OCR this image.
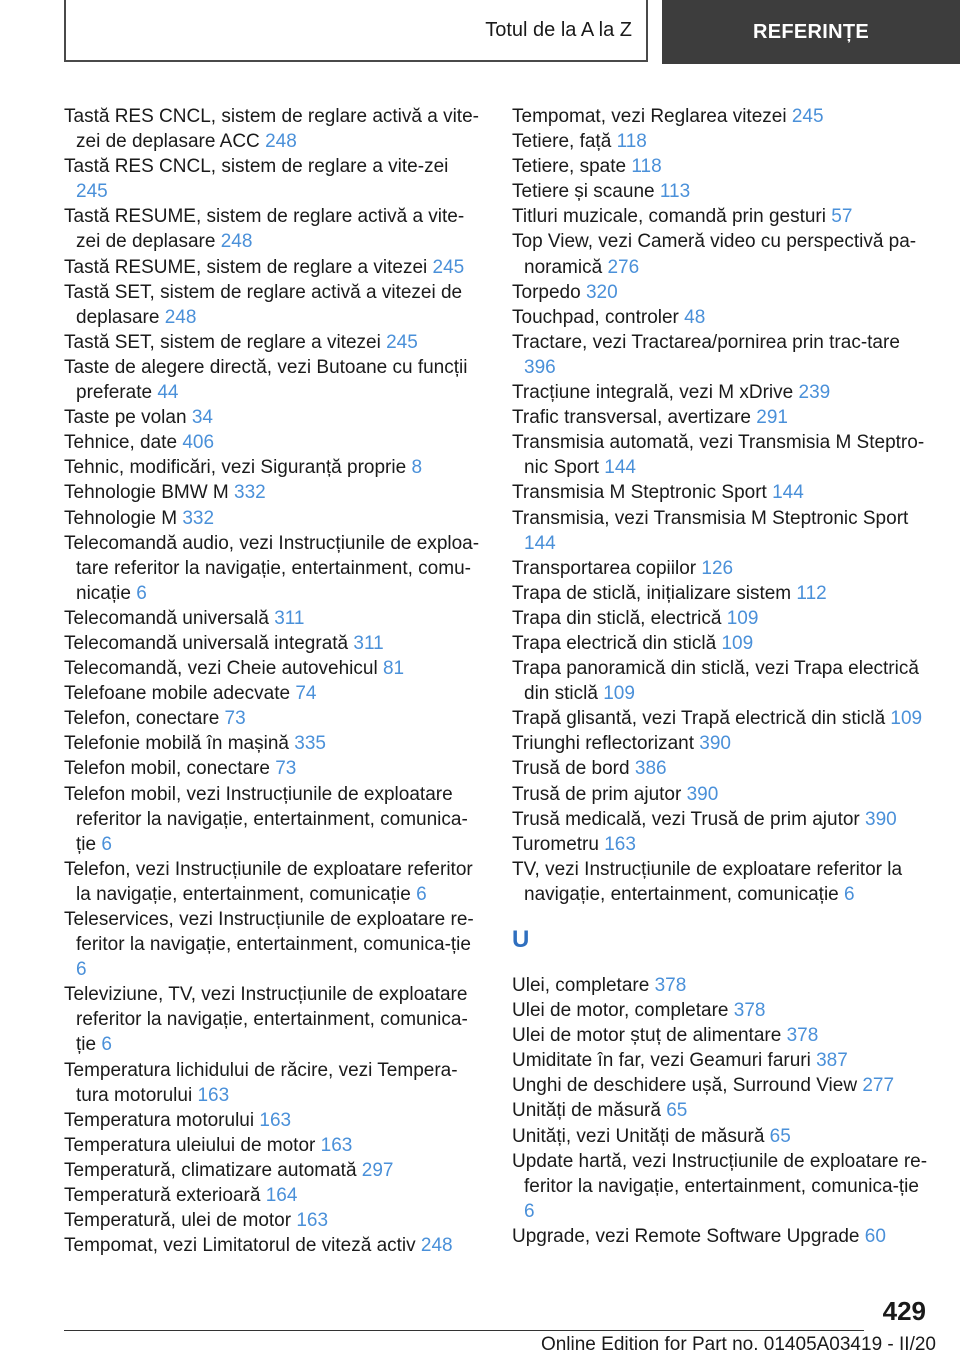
Totul de la A la Z	REFERINȚE

Tastă RES CNCL, sistem de reglare activă a vite-zei de deplasare ACC 248

Tastă RES CNCL, sistem de reglare a vite-zei 245

Tastă RESUME, sistem de reglare activă a vite-zei de deplasare 248

Tastă RESUME, sistem de reglare a vitezei 245

Tastă SET, sistem de reglare activă a vitezei de deplasare 248

Tastă SET, sistem de reglare a vitezei 245

Taste de alegere directă, vezi Butoane cu funcții preferate 44

Taste pe volan 34

Tehnice, date 406

Tehnic, modificări, vezi Siguranță proprie 8

Tehnologie BMW M 332

Tehnologie M 332

Telecomandă audio, vezi Instrucțiunile de exploa-tare referitor la navigație, entertainment, comu-nicație 6

Telecomandă universală 311

Telecomandă universală integrată 311

Telecomandă, vezi Cheie autovehicul 81

Telefoane mobile adecvate 74

Telefon, conectare 73

Telefonie mobilă în mașină 335

Telefon mobil, conectare 73

Telefon mobil, vezi Instrucțiunile de exploatare referitor la navigație, entertainment, comunica-ție 6

Telefon, vezi Instrucțiunile de exploatare referitor la navigație, entertainment, comunicație 6

Teleservices, vezi Instrucțiunile de exploatare re-feritor la navigație, entertainment, comunica-ție 6

Televiziune, TV, vezi Instrucțiunile de exploatare referitor la navigație, entertainment, comunica-ție 6

Temperatura lichidului de răcire, vezi Tempera-tura motorului 163

Temperatura motorului 163

Temperatura uleiului de motor 163

Temperatură, climatizare automată 297

Temperatură exterioară 164

Temperatură, ulei de motor 163

Tempomat, vezi Limitatorul de viteză activ 248

Tempomat, vezi Reglarea vitezei 245

Tetiere, față 118

Tetiere, spate 118

Tetiere și scaune 113

Titluri muzicale, comandă prin gesturi 57

Top View, vezi Cameră video cu perspectivă pa-noramică 276

Torpedo 320

Touchpad, controler 48

Tractare, vezi Tractarea/pornirea prin trac-tare 396

Tracțiune integrală, vezi M xDrive 239

Trafic transversal, avertizare 291

Transmisia automată, vezi Transmisia M Steptro-nic Sport 144

Transmisia M Steptronic Sport 144

Transmisia, vezi Transmisia M Steptronic Sport 144

Transportarea copiilor 126

Trapa de sticlă, inițializare sistem 112

Trapa din sticlă, electrică 109

Trapa electrică din sticlă 109

Trapa panoramică din sticlă, vezi Trapa electrică din sticlă 109

Trapă glisantă, vezi Trapă electrică din sticlă 109

Triunghi reflectorizant 390

Trusă de bord 386

Trusă de prim ajutor 390

Trusă medicală, vezi Trusă de prim ajutor 390

Turometru 163

TV, vezi Instrucțiunile de exploatare referitor la navigație, entertainment, comunicație 6

U

Ulei, completare 378

Ulei de motor, completare 378

Ulei de motor ștuț de alimentare 378

Umiditate în far, vezi Geamuri faruri 387

Unghi de deschidere ușă, Surround View 277

Unități de măsură 65

Unități, vezi Unități de măsură 65

Update hartă, vezi Instrucțiunile de exploatare re-feritor la navigație, entertainment, comunica-ție 6

Upgrade, vezi Remote Software Upgrade 60

429
Online Edition for Part no. 01405A03419 - II/20
